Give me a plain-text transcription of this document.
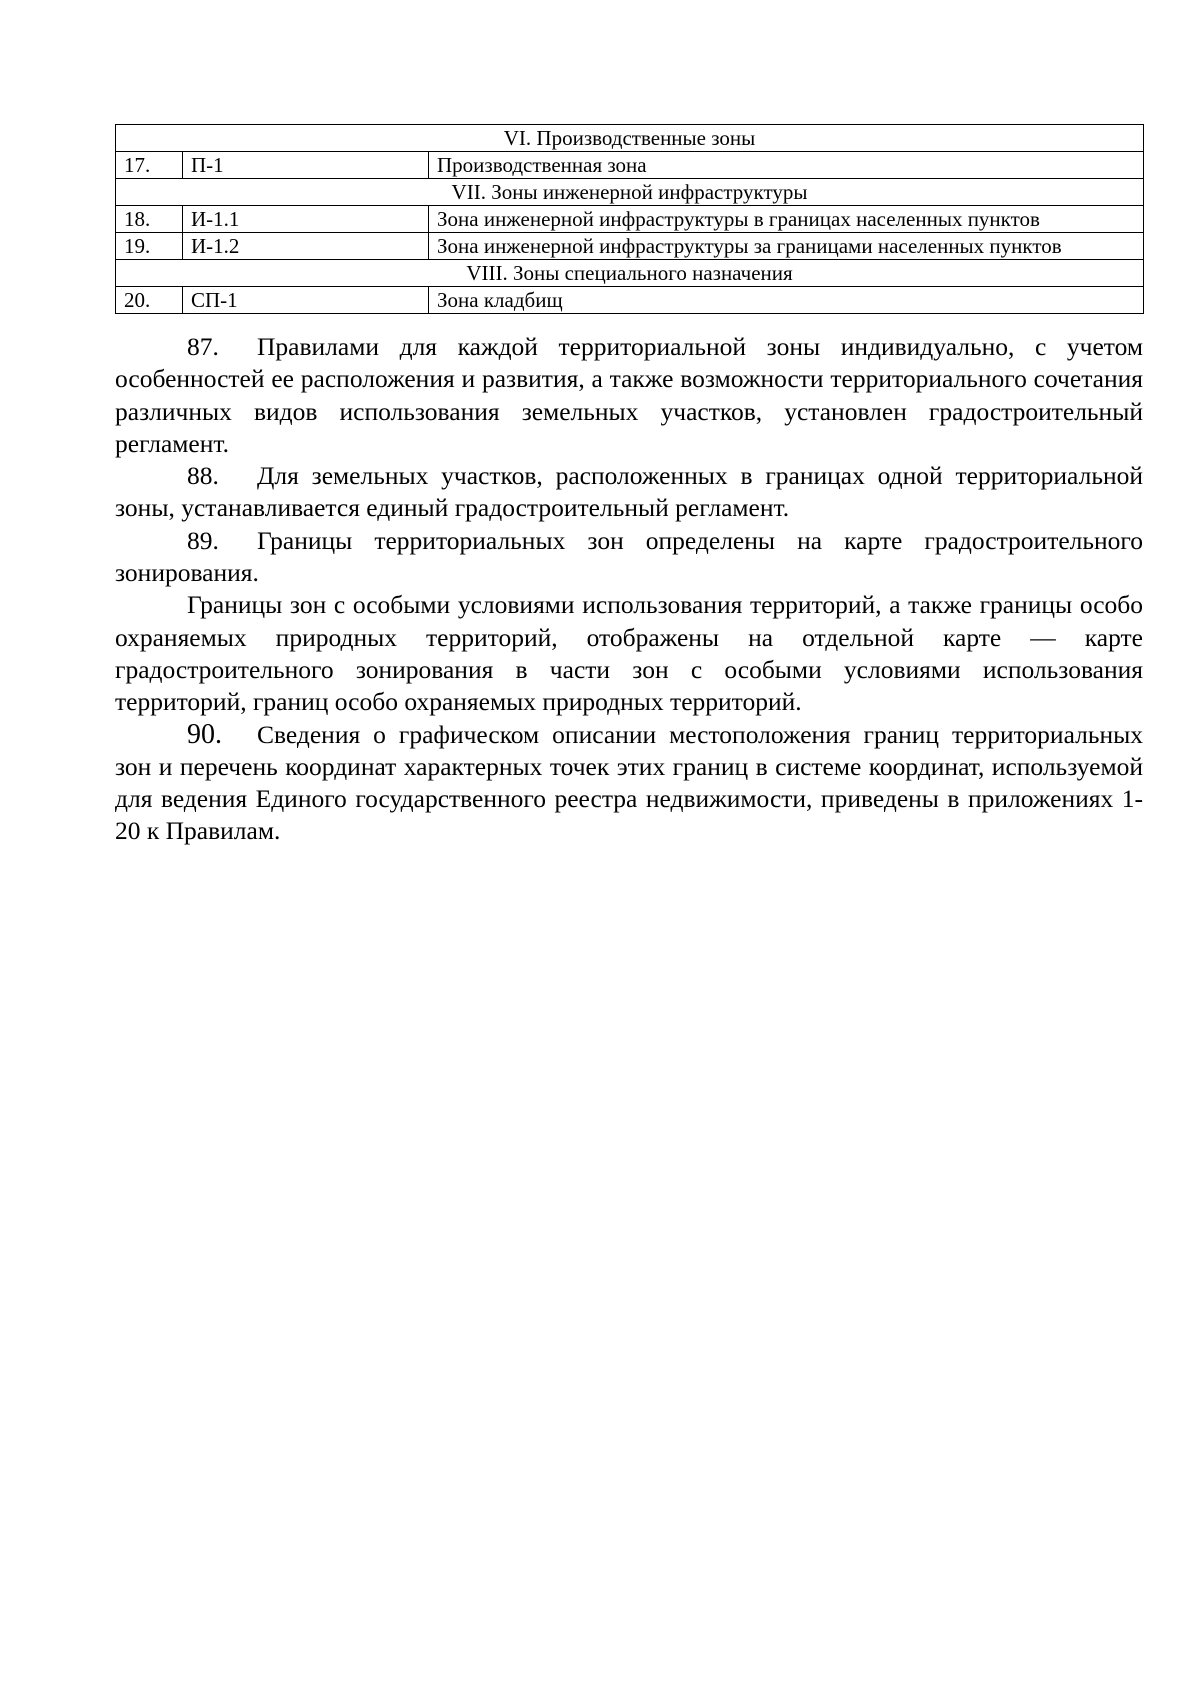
VI. Производственные зоны		
17.	П-1	Производственная зона
VII. Зоны инженерной инфраструктуры		
18.	И-1.1	Зона инженерной инфраструктуры в границах населенных пунктов
19.	И-1.2	Зона инженерной инфраструктуры за границами населенных пунктов
VIII. Зоны специального назначения		
20.	СП-1	Зона кладбищ

87. Правилами для каждой территориальной зоны индивидуально, с учетом особенностей ее расположения и развития, а также возможности территориального сочетания различных видов использования земельных участков, установлен градостроительный регламент.

88. Для земельных участков, расположенных в границах одной территориальной зоны, устанавливается единый градостроительный регламент.

89. Границы территориальных зон определены на карте градостроительного зонирования.

Границы зон с особыми условиями использования территорий, а также границы особо охраняемых природных территорий, отображены на отдельной карте — карте градостроительного зонирования в части зон с особыми условиями использования территорий, границ особо охраняемых природных территорий.

90. Сведения о графическом описании местоположения границ территориальных зон и перечень координат характерных точек этих границ в системе координат, используемой для ведения Единого государственного реестра недвижимости, приведены в приложениях 1-20 к Правилам.
